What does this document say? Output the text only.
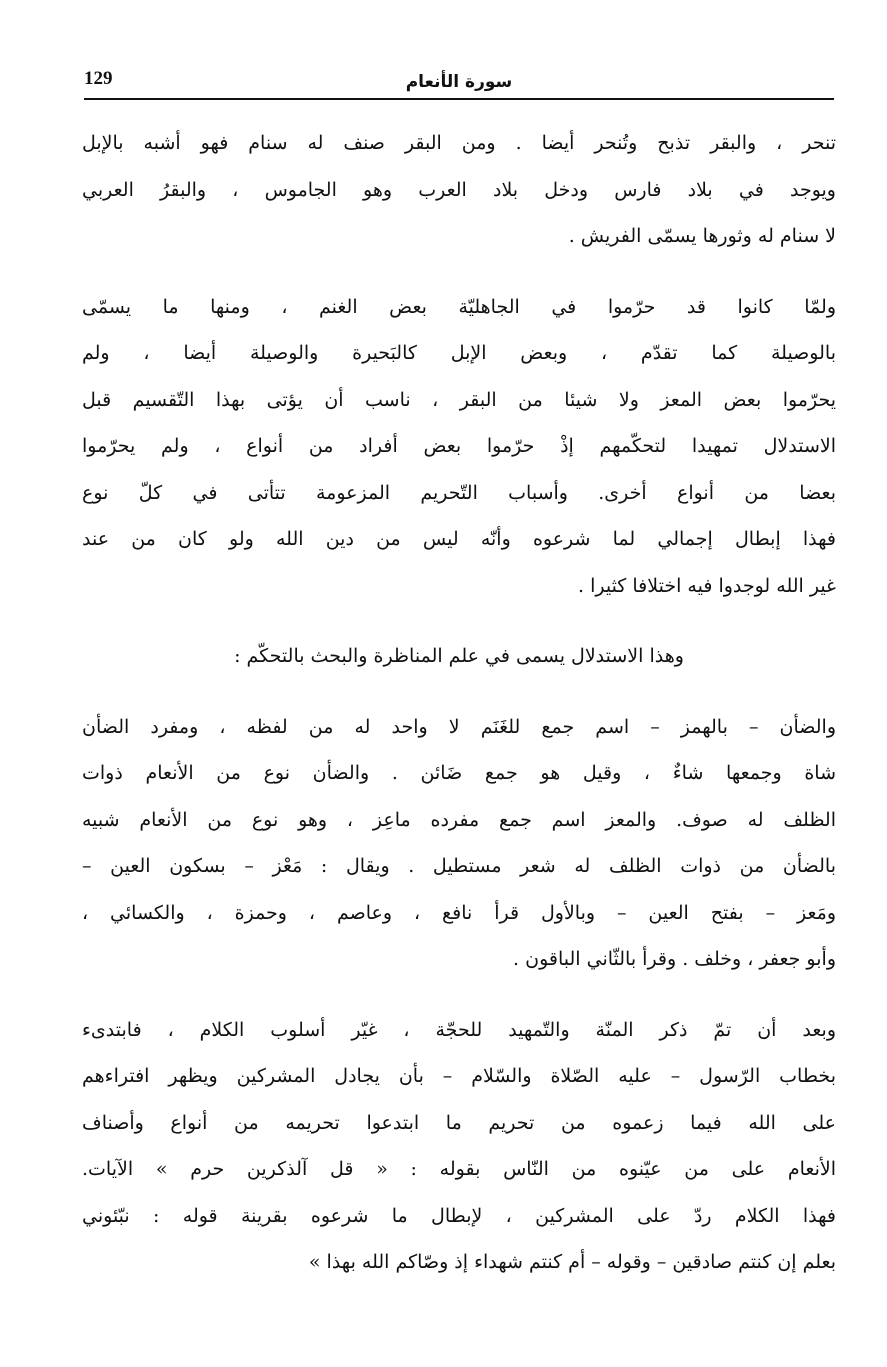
129	سورة الأنعام
تنحر ، والبقر تذبح وتُنحر أيضا . ومن البقر صنف له سنام فهو أشبه بالإبل
ويوجد في بلاد فارس ودخل بلاد العرب وهو الجاموس ، والبقرُ العربي
لا سنام له وثورها يسمّى الفريش .
ولمّا كانوا قد حرّموا في الجاهليّة بعض الغنم ، ومنها ما يسمّى
بالوصيلة كما تقدّم ، وبعض الإبل كالبَحيرة والوصيلة أيضا ، ولم
يحرّموا بعض المعز ولا شيئا من البقر ، ناسب أن يؤتى بهذا التّقسيم قبل
الاستدلال تمهيدا لتحكّمهم إذْ حرّموا بعض أفراد من أنواع ، ولم يحرّموا
بعضا من أنواع أخرى. وأسباب التّحريم المزعومة تتأتى في كلّ نوع
فهذا إبطال إجمالي لما شرعوه وأنّه ليس من دين الله ولو كان من عند
غير الله لوجدوا فيه اختلافا كثيرا .
وهذا الاستدلال يسمى في علم المناظرة والبحث بالتحكّم :
والضأن – بالهمز – اسم جمع للغَنَم لا واحد له من لفظه ، ومفرد الضأن
شاة وجمعها شاءٌ ، وقيل هو جمع ضَائن . والضأن نوع من الأنعام ذوات
الظلف له صوف. والمعز اسم جمع مفرده ماعِز ، وهو نوع من الأنعام شبيه
بالضأن من ذوات الظلف له شعر مستطيل . ويقال : مَعْز – بسكون العين –
ومَعز – بفتح العين – وبالأول قرأ نافع ، وعاصم ، وحمزة ، والكسائي ،
وأبو جعفر ، وخلف . وقرأ بالثّاني الباقون .
وبعد أن تمّ ذكر المنّة والتّمهيد للحجّة ، غيّر أسلوب الكلام ، فابتدىء
بخطاب الرّسول – عليه الصّلاة والسّلام – بأن يجادل المشركين ويظهر افتراءهم
على الله فيما زعموه من تحريم ما ابتدعوا تحريمه من أنواع وأصناف
الأنعام على من عيّنوه من النّاس بقوله : « قل آلذكرين حرم » الآيات.
فهذا الكلام ردّ على المشركين ، لإبطال ما شرعوه بقرينة قوله : نبّئوني
بعلم إن كنتم صادقين – وقوله – أم كنتم شهداء إذ وصّاكم الله بهذا »
